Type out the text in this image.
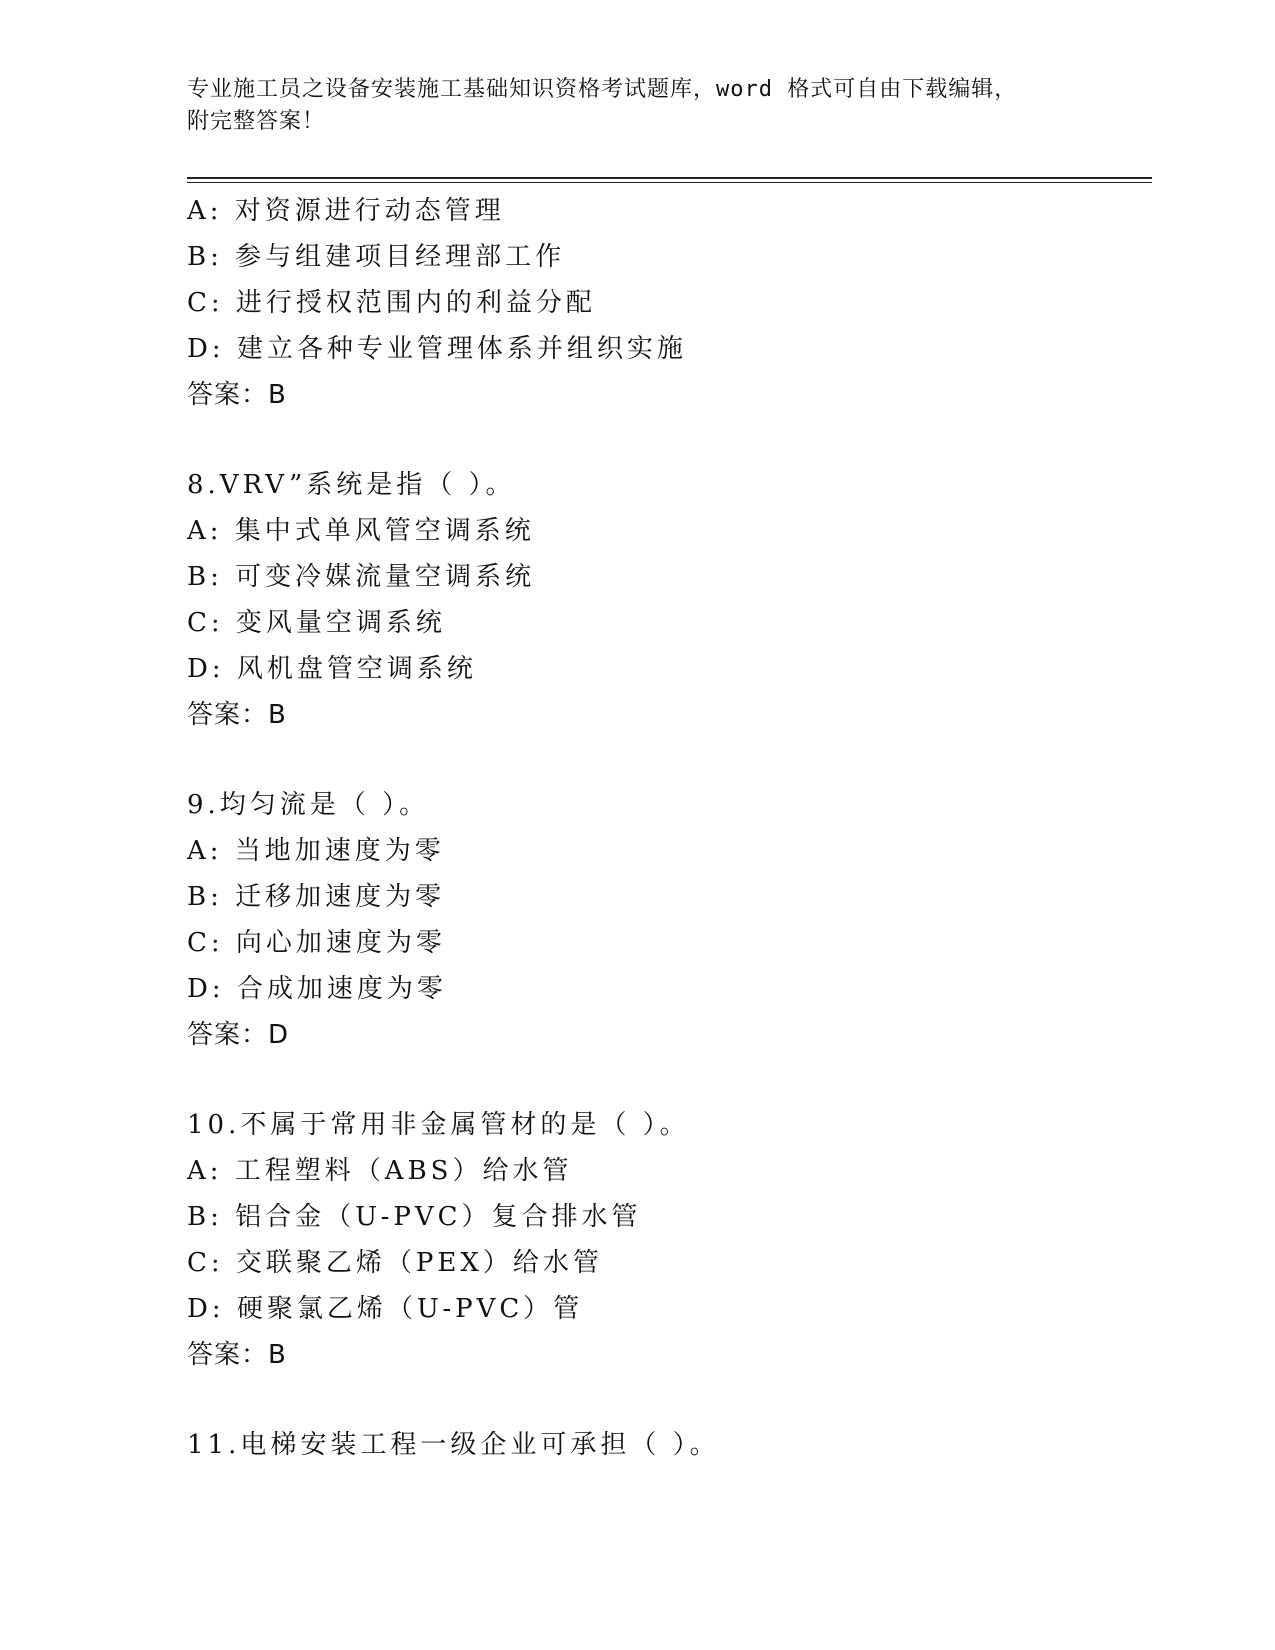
专业施工员之设备安装施工基础知识资格考试题库，word 格式可自由下载编辑，
附完整答案！
A: 对资源进行动态管理
B: 参与组建项目经理部工作
C: 进行授权范围内的利益分配
D: 建立各种专业管理体系并组织实施
答案：B
8.VRV”系统是指（ ）。
A: 集中式单风管空调系统
B: 可变冷媒流量空调系统
C: 变风量空调系统
D: 风机盘管空调系统
答案：B
9.均匀流是（ ）。
A: 当地加速度为零
B: 迁移加速度为零
C: 向心加速度为零
D: 合成加速度为零
答案：D
10.不属于常用非金属管材的是（ ）。
A: 工程塑料（ABS）给水管
B: 铝合金（U-PVC）复合排水管
C: 交联聚乙烯（PEX）给水管
D: 硬聚氯乙烯（U-PVC）管
答案：B
11.电梯安装工程一级企业可承担（ ）。
